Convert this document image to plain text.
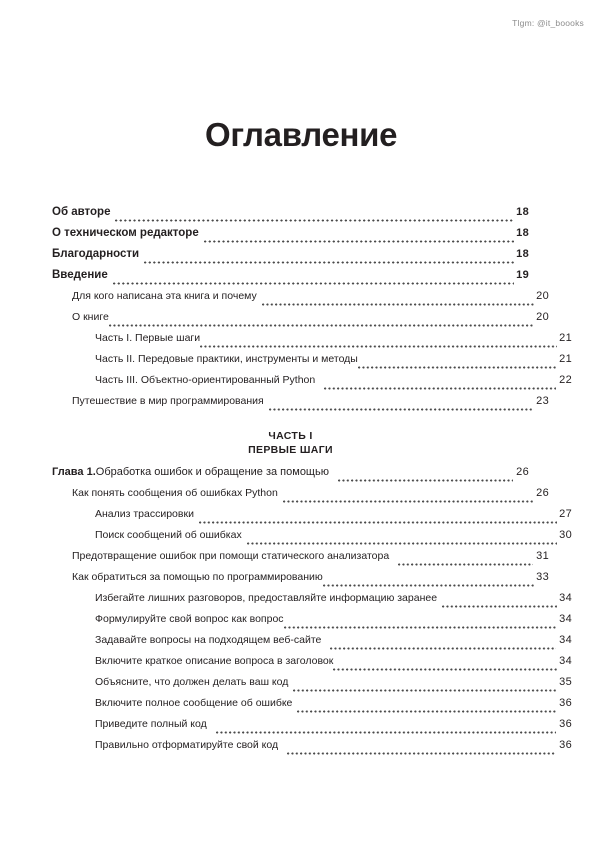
Tlgm: @it_boooks
Оглавление
Об авторе	18
О техническом редакторе	18
Благодарности	18
Введение	19
Для кого написана эта книга и почему	20
О книге	20
Часть I. Первые шаги	21
Часть II. Передовые практики, инструменты и методы	21
Часть III. Объектно-ориентированный Python	22
Путешествие в мир программирования	23
ЧАСТЬ I
ПЕРВЫЕ ШАГИ
Глава 1. Обработка ошибок и обращение за помощью	26
Как понять сообщения об ошибках Python	26
Анализ трассировки	27
Поиск сообщений об ошибках	30
Предотвращение ошибок при помощи статического анализатора	31
Как обратиться за помощью по программированию	33
Избегайте лишних разговоров, предоставляйте информацию заранее	34
Формулируйте свой вопрос как вопрос	34
Задавайте вопросы на подходящем веб-сайте	34
Включите краткое описание вопроса в заголовок	34
Объясните, что должен делать ваш код	35
Включите полное сообщение об ошибке	36
Приведите полный код	36
Правильно отформатируйте свой код	36
